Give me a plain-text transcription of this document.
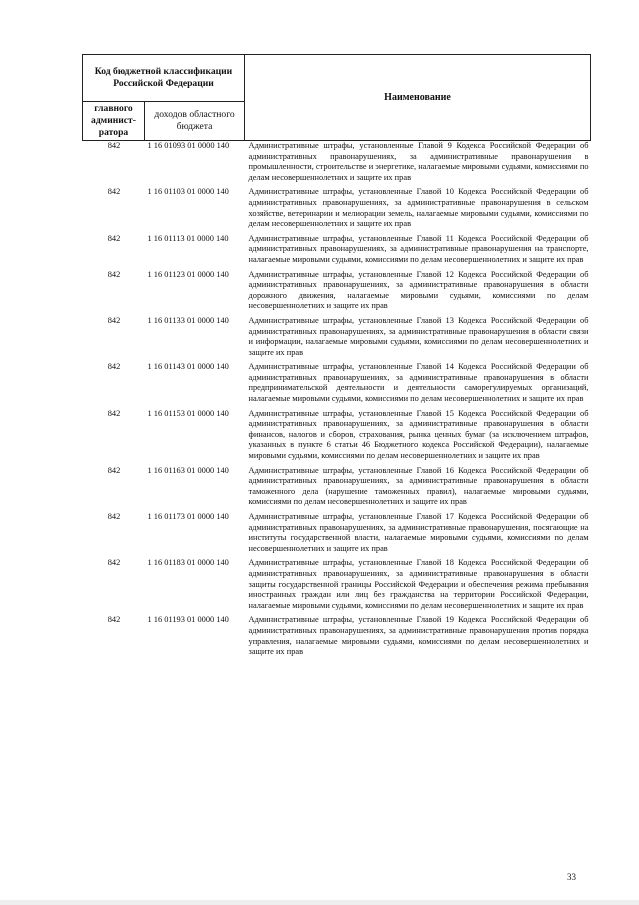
Код бюджетной классификации Российской Федерации		Наименование
главного админист-ратора	доходов областного бюджета	
842	1 16 01093 01 0000 140	Административные штрафы, установленные Главой 9 Кодекса Российской Федерации об административных правонарушениях, за административные правонарушения в промышленности, строительстве и энергетике, налагаемые мировыми судьями, комиссиями по делам несовершеннолетних и защите их прав
842	1 16 01103 01 0000 140	Административные штрафы, установленные Главой 10 Кодекса Российской Федерации об административных правонарушениях, за административные правонарушения в сельском хозяйстве, ветеринарии и мелиорации земель, налагаемые мировыми судьями, комиссиями по делам несовершеннолетних и защите их прав
842	1 16 01113 01 0000 140	Административные штрафы, установленные Главой 11 Кодекса Российской Федерации об административных правонарушениях, за административные правонарушения на транспорте, налагаемые мировыми судьями, комиссиями по делам несовершеннолетних и защите их прав
842	1 16 01123 01 0000 140	Административные штрафы, установленные Главой 12 Кодекса Российской Федерации об административных правонарушениях, за административные правонарушения в области дорожного движения, налагаемые мировыми судьями, комиссиями по делам несовершеннолетних и защите их прав
842	1 16 01133 01 0000 140	Административные штрафы, установленные Главой 13 Кодекса Российской Федерации об административных правонарушениях, за административные правонарушения в области связи и информации, налагаемые мировыми судьями, комиссиями по делам несовершеннолетних и защите их прав
842	1 16 01143 01 0000 140	Административные штрафы, установленные Главой 14 Кодекса Российской Федерации об административных правонарушениях, за административные правонарушения в области предпринимательской деятельности и деятельности саморегулируемых организаций, налагаемые мировыми судьями, комиссиями по делам несовершеннолетних и защите их прав
842	1 16 01153 01 0000 140	Административные штрафы, установленные Главой 15 Кодекса Российской Федерации об административных правонарушениях, за административные правонарушения в области финансов, налогов и сборов, страхования, рынка ценных бумаг (за исключением штрафов, указанных в пункте 6 статьи 46 Бюджетного кодекса Российской Федерации), налагаемые мировыми судьями, комиссиями по делам несовершеннолетних и защите их прав
842	1 16 01163 01 0000 140	Административные штрафы, установленные Главой 16 Кодекса Российской Федерации об административных правонарушениях, за административные правонарушения в области таможенного дела (нарушение таможенных правил), налагаемые мировыми судьями, комиссиями по делам несовершеннолетних и защите их прав
842	1 16 01173 01 0000 140	Административные штрафы, установленные Главой 17 Кодекса Российской Федерации об административных правонарушениях, за административные правонарушения, посягающие на институты государственной власти, налагаемые мировыми судьями, комиссиями по делам несовершеннолетних и защите их прав
842	1 16 01183 01 0000 140	Административные штрафы, установленные Главой 18 Кодекса Российской Федерации об административных правонарушениях, за административные правонарушения в области защиты государственной границы Российской Федерации и обеспечения режима пребывания иностранных граждан или лиц без гражданства на территории Российской Федерации, налагаемые мировыми судьями, комиссиями по делам несовершеннолетних и защите их прав
842	1 16 01193 01 0000 140	Административные штрафы, установленные Главой 19 Кодекса Российской Федерации об административных правонарушениях, за административные правонарушения против порядка управления, налагаемые мировыми судьями, комиссиями по делам несовершеннолетних и защите их прав
33
